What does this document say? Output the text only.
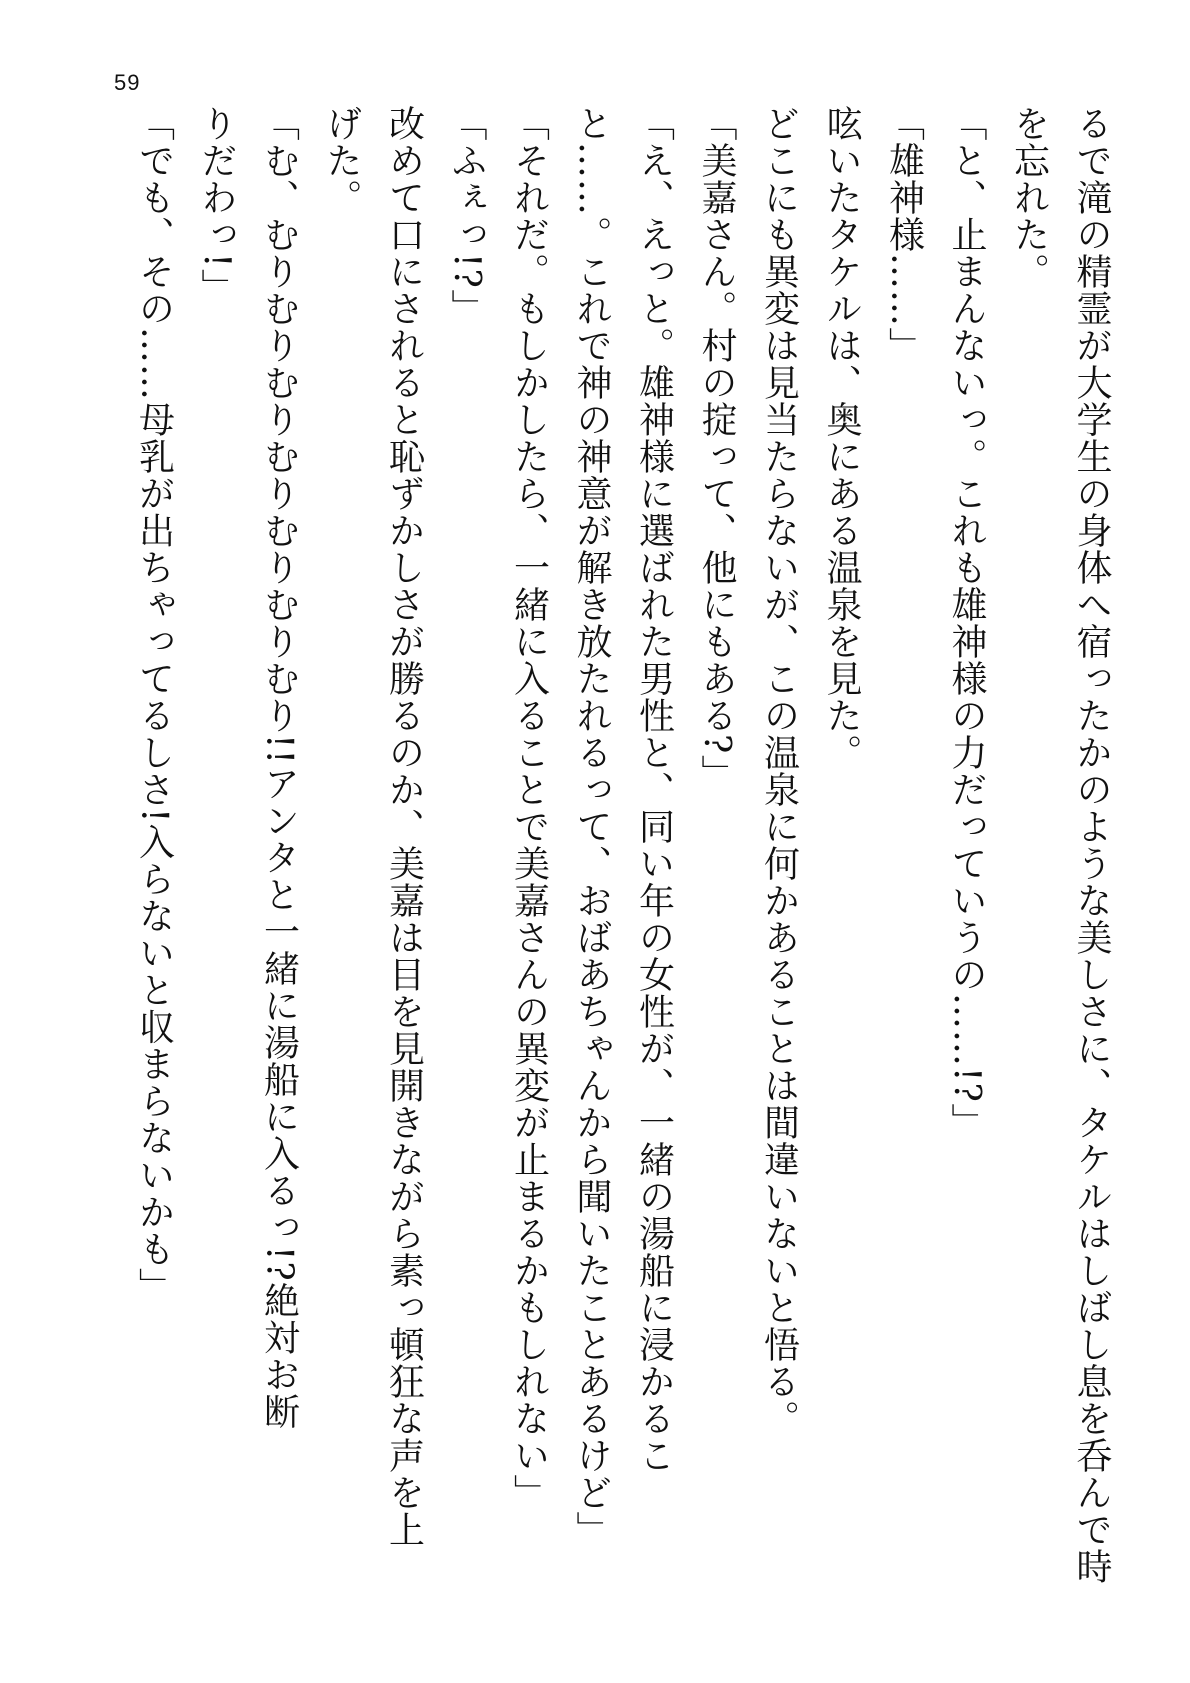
59

るで滝の精霊が大学生の身体へ宿ったかのような美しさに、タケルはしばし息を呑んで時

を忘れた。

「と、止まんないっ。これも雄神様の力だっていうの……!?」

「雄神様……」

呟いたタケルは、奥にある温泉を見た。

どこにも異変は見当たらないが、この温泉に何かあることは間違いないと悟る。

「美嘉さん。村の掟って、他にもある?」

「え、えっと。雄神様に選ばれた男性と、同い年の女性が、一緒の湯船に浸かるこ

と……。これで神の神意が解き放たれるって、おばあちゃんから聞いたことあるけど」

「それだ。もしかしたら、一緒に入ることで美嘉さんの異変が止まるかもしれない」

「ふぇっ!?」

改めて口にされると恥ずかしさが勝るのか、美嘉は目を見開きながら素っ頓狂な声を上

げた。

「む、むりむりむりむりむりむりむり!!アンタと一緒に湯船に入るっ!?絶対お断

りだわっ!」

「でも、その……母乳が出ちゃってるしさ!入らないと収まらないかも」
